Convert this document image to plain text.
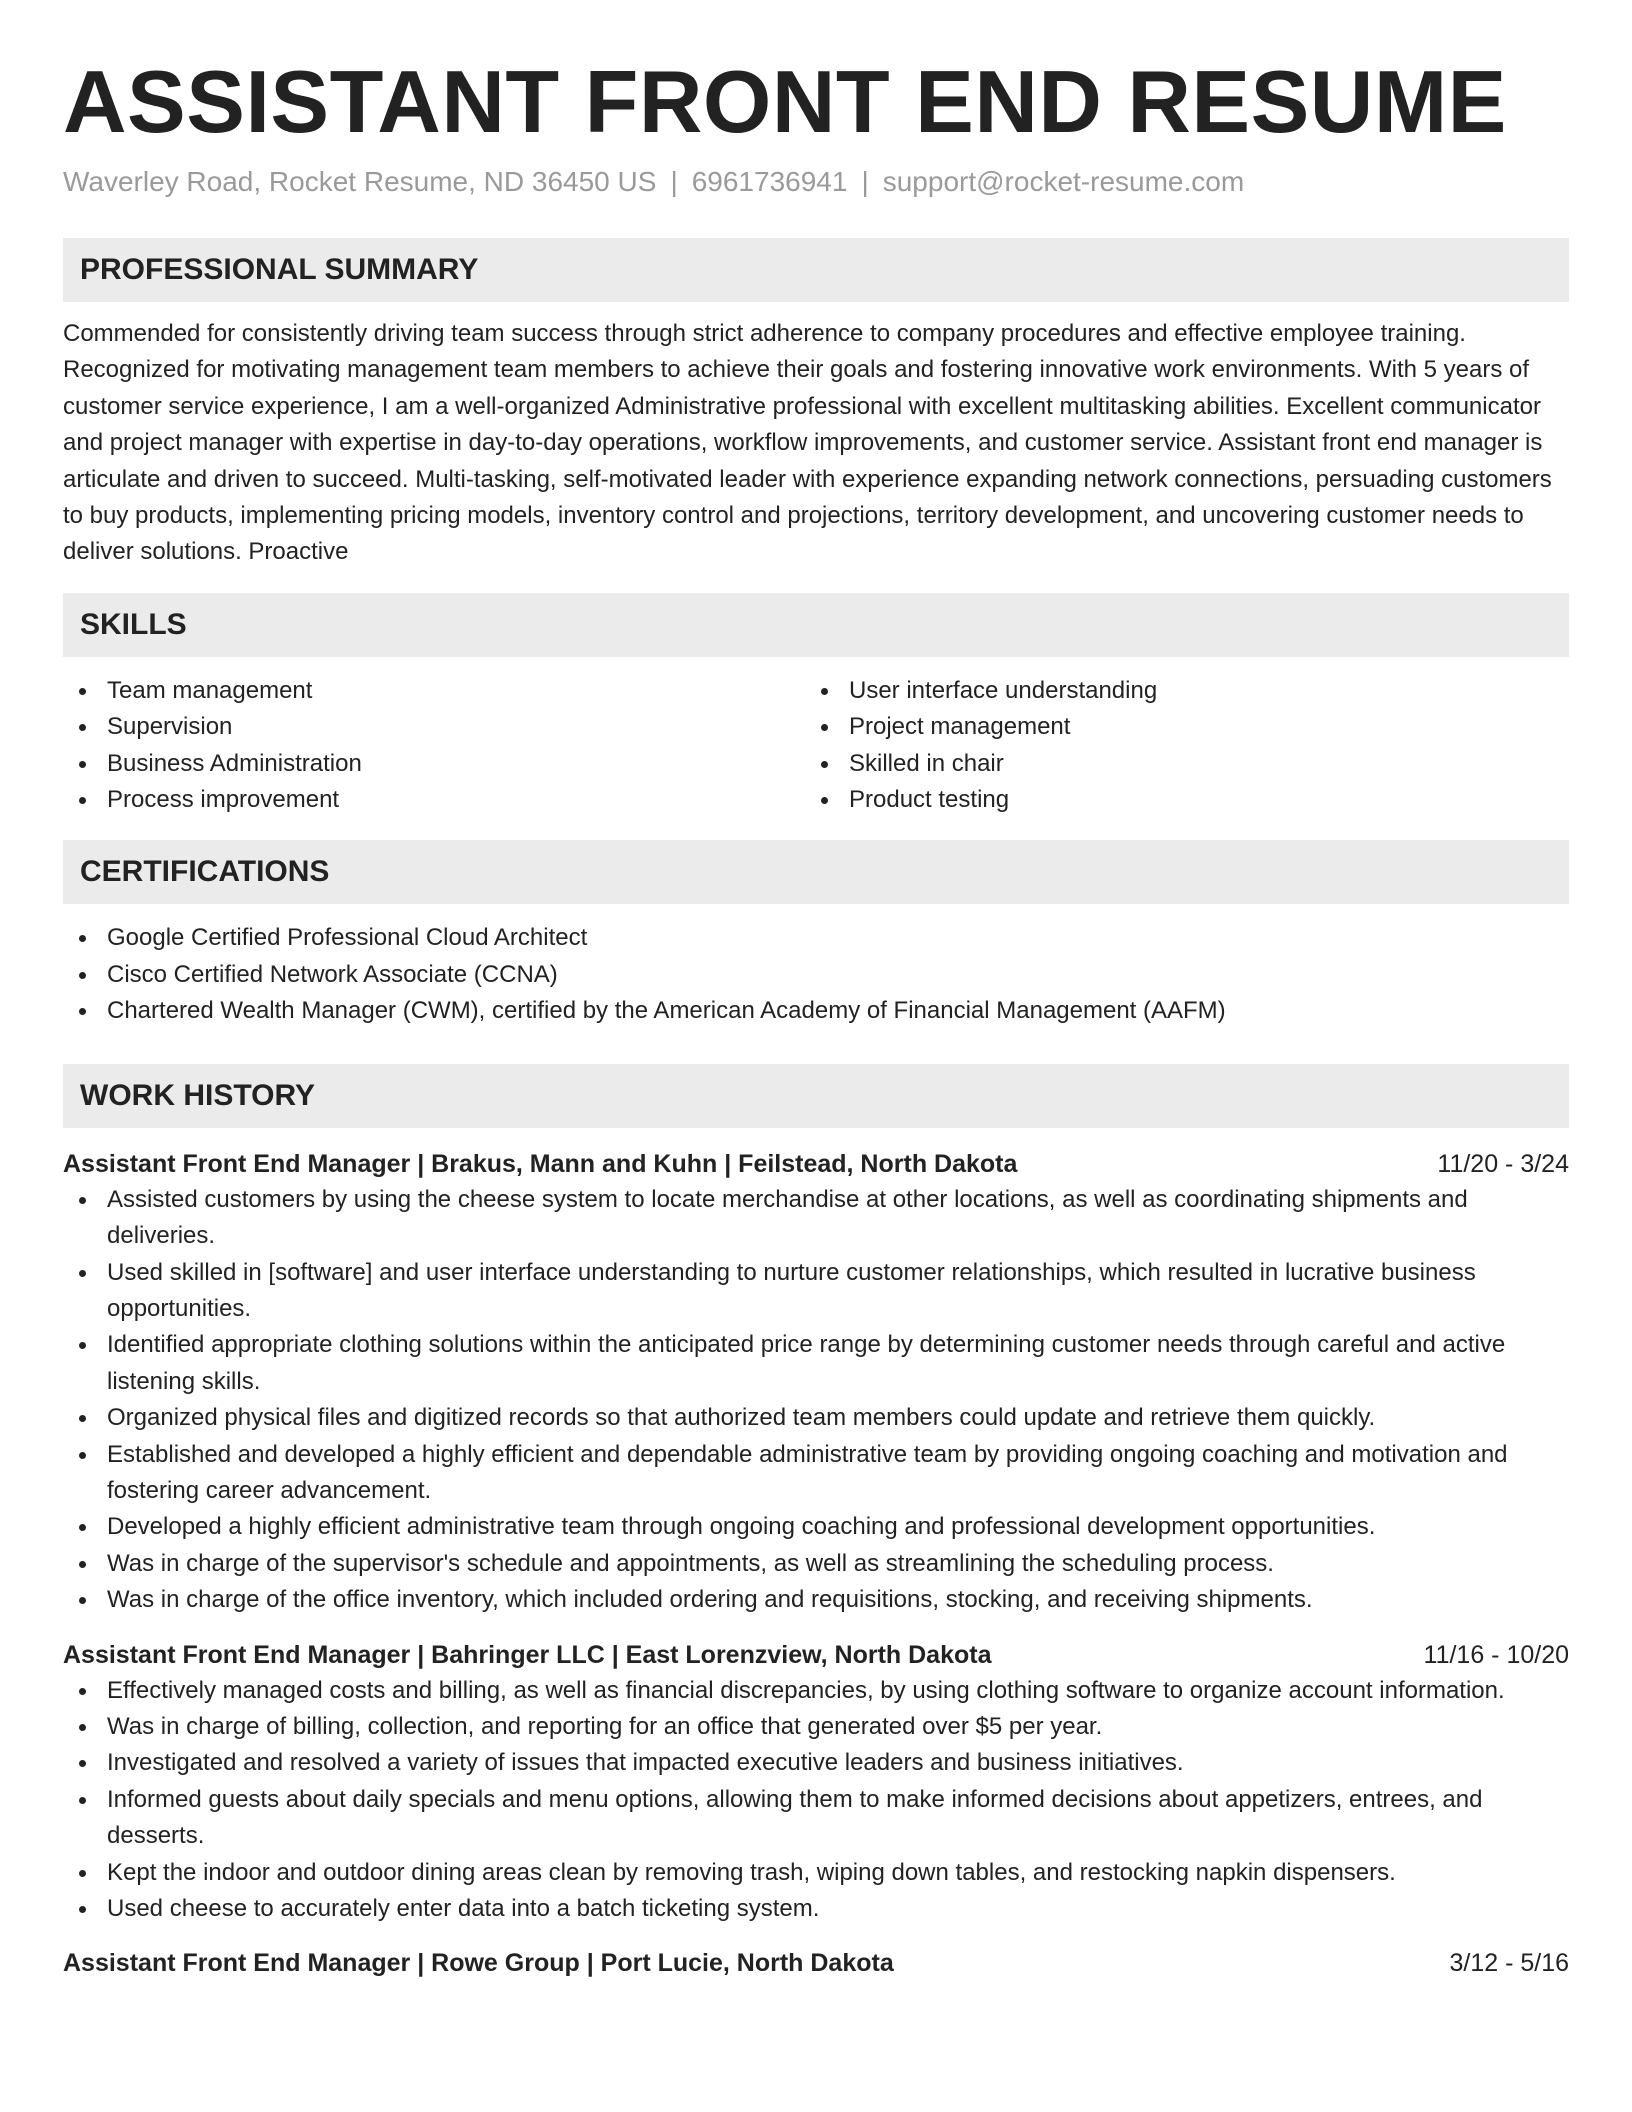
ASSISTANT FRONT END RESUME
Waverley Road, Rocket Resume, ND 36450 US | 6961736941 | support@rocket-resume.com
PROFESSIONAL SUMMARY

Commended for consistently driving team success through strict adherence to company procedures and effective employee training. Recognized for motivating management team members to achieve their goals and fostering innovative work environments. With 5 years of customer service experience, I am a well-organized Administrative professional with excellent multitasking abilities. Excellent communicator and project manager with expertise in day-to-day operations, workflow improvements, and customer service. Assistant front end manager is articulate and driven to succeed. Multi-tasking, self-motivated leader with experience expanding network connections, persuading customers to buy products, implementing pricing models, inventory control and projections, territory development, and uncovering customer needs to deliver solutions. Proactive

SKILLS
Team management
Supervision
Business Administration
Process improvement
User interface understanding
Project management
Skilled in chair
Product testing
CERTIFICATIONS
Google Certified Professional Cloud Architect
Cisco Certified Network Associate (CCNA)
Chartered Wealth Manager (CWM), certified by the American Academy of Financial Management (AAFM)
WORK HISTORY
Assistant Front End Manager | Brakus, Mann and Kuhn | Feilstead, North Dakota	11/20 - 3/24
Assisted customers by using the cheese system to locate merchandise at other locations, as well as coordinating shipments and deliveries.
Used skilled in [software] and user interface understanding to nurture customer relationships, which resulted in lucrative business opportunities.
Identified appropriate clothing solutions within the anticipated price range by determining customer needs through careful and active listening skills.
Organized physical files and digitized records so that authorized team members could update and retrieve them quickly.
Established and developed a highly efficient and dependable administrative team by providing ongoing coaching and motivation and fostering career advancement.
Developed a highly efficient administrative team through ongoing coaching and professional development opportunities.
Was in charge of the supervisor's schedule and appointments, as well as streamlining the scheduling process.
Was in charge of the office inventory, which included ordering and requisitions, stocking, and receiving shipments.
Assistant Front End Manager | Bahringer LLC | East Lorenzview, North Dakota	11/16 - 10/20
Effectively managed costs and billing, as well as financial discrepancies, by using clothing software to organize account information.
Was in charge of billing, collection, and reporting for an office that generated over $5 per year.
Investigated and resolved a variety of issues that impacted executive leaders and business initiatives.
Informed guests about daily specials and menu options, allowing them to make informed decisions about appetizers, entrees, and desserts.
Kept the indoor and outdoor dining areas clean by removing trash, wiping down tables, and restocking napkin dispensers.
Used cheese to accurately enter data into a batch ticketing system.
Assistant Front End Manager | Rowe Group | Port Lucie, North Dakota	3/12 - 5/16
